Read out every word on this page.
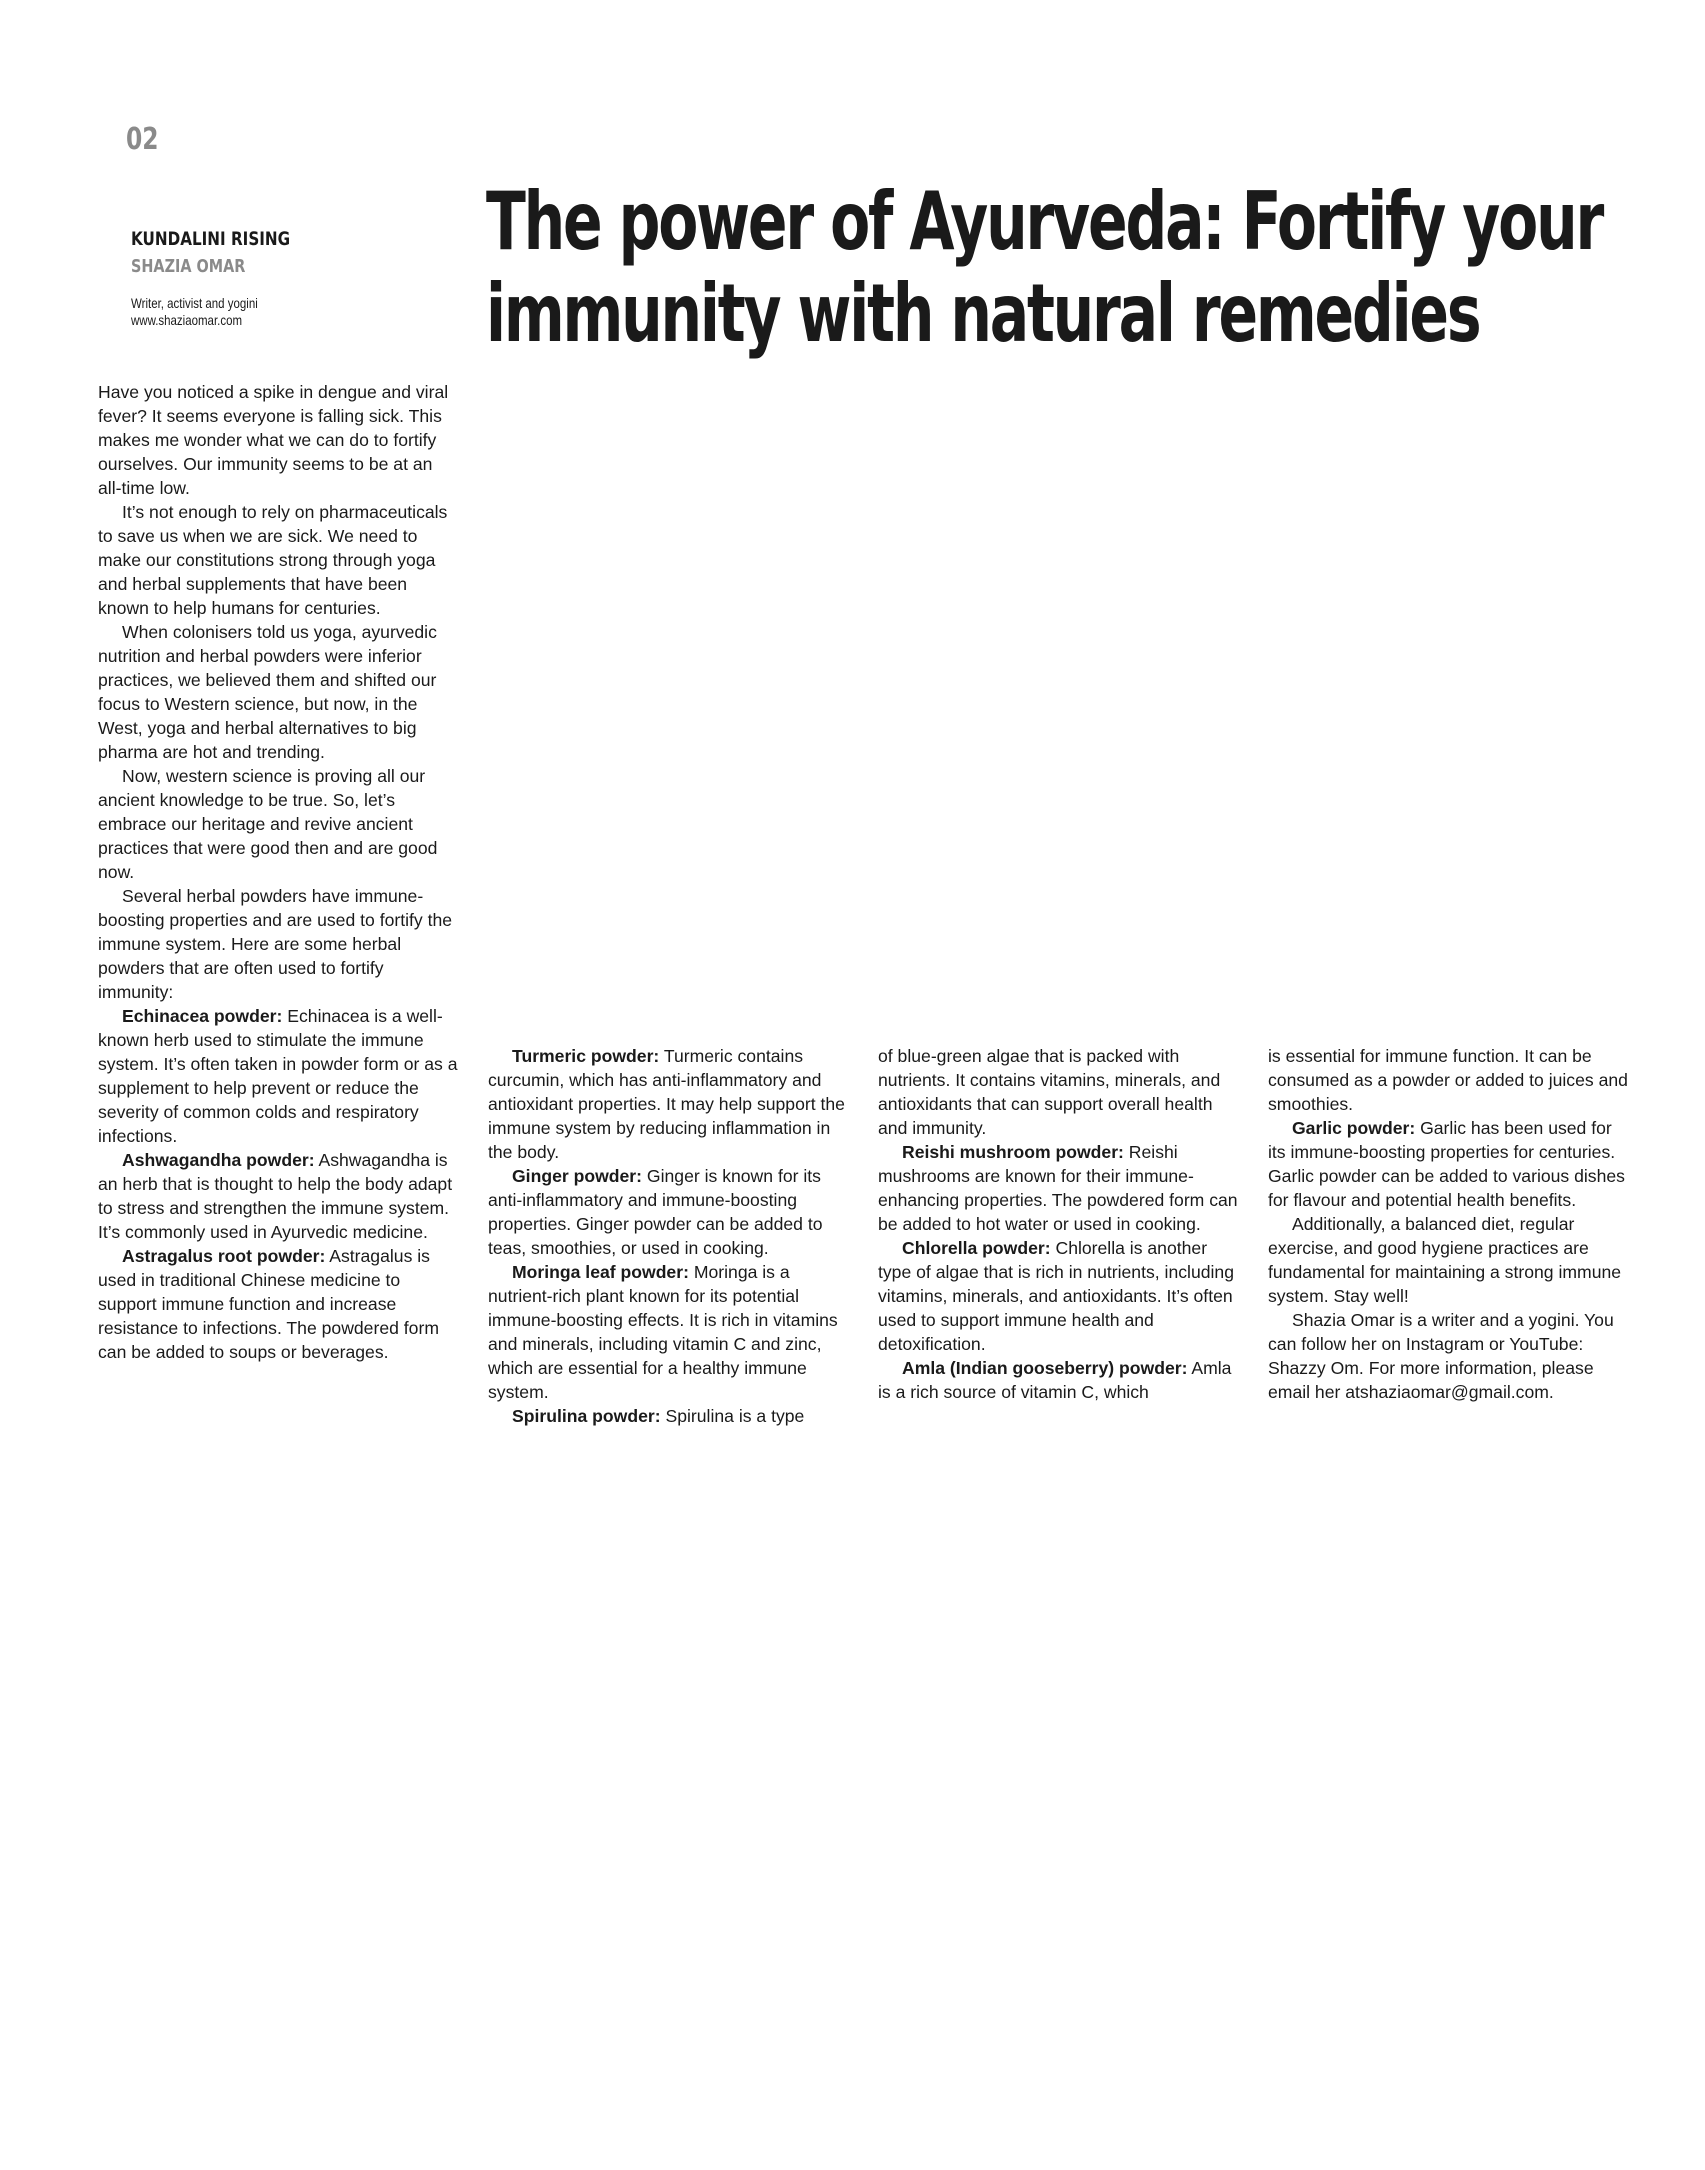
02
KUNDALINI RISING
SHAZIA OMAR
Writer, activist and yogini
www.shaziaomar.com
The power of Ayurveda: Fortify your
immunity with natural remedies

Have you noticed a spike in dengue and viral fever? It seems everyone is falling sick. This makes me wonder what we can do to fortify ourselves. Our immunity seems to be at an all-time low.

It’s not enough to rely on pharmaceuticals to save us when we are sick. We need to make our constitutions strong through yoga and herbal supplements that have been known to help humans for centuries.

When colonisers told us yoga, ayurvedic nutrition and herbal powders were inferior practices, we believed them and shifted our focus to Western science, but now, in the West, yoga and herbal alternatives to big pharma are hot and trending.

Now, western science is proving all our ancient knowledge to be true. So, let’s embrace our heritage and revive ancient practices that were good then and are good now.

Several herbal powders have immune-boosting properties and are used to fortify the immune system. Here are some herbal powders that are often used to fortify immunity:

Echinacea powder: Echinacea is a well-known herb used to stimulate the immune system. It’s often taken in powder form or as a supplement to help prevent or reduce the severity of common colds and respiratory infections.

Ashwagandha powder: Ashwagandha is an herb that is thought to help the body adapt to stress and strengthen the immune system. It’s commonly used in Ayurvedic medicine.

Astragalus root powder: Astragalus is used in traditional Chinese medicine to support immune function and increase resistance to infections. The powdered form can be added to soups or beverages.

Turmeric powder: Turmeric contains curcumin, which has anti-inflammatory and antioxidant properties. It may help support the immune system by reducing inflammation in the body.

Ginger powder: Ginger is known for its anti-inflammatory and immune-boosting properties. Ginger powder can be added to teas, smoothies, or used in cooking.

Moringa leaf powder: Moringa is a nutrient-rich plant known for its potential immune-boosting effects. It is rich in vitamins and minerals, including vitamin C and zinc, which are essential for a healthy immune system.

Spirulina powder: Spirulina is a type

of blue-green algae that is packed with nutrients. It contains vitamins, minerals, and antioxidants that can support overall health and immunity.

Reishi mushroom powder: Reishi mushrooms are known for their immune-enhancing properties. The powdered form can be added to hot water or used in cooking.

Chlorella powder: Chlorella is another type of algae that is rich in nutrients, including vitamins, minerals, and antioxidants. It’s often used to support immune health and detoxification.

Amla (Indian gooseberry) powder: Amla is a rich source of vitamin C, which

is essential for immune function. It can be consumed as a powder or added to juices and smoothies.

Garlic powder: Garlic has been used for its immune-boosting properties for centuries. Garlic powder can be added to various dishes for flavour and potential health benefits.

Additionally, a balanced diet, regular exercise, and good hygiene practices are fundamental for maintaining a strong immune system. Stay well!

Shazia Omar is a writer and a yogini. You can follow her on Instagram or YouTube: Shazzy Om. For more information, please email her atshaziaomar@gmail.com.
